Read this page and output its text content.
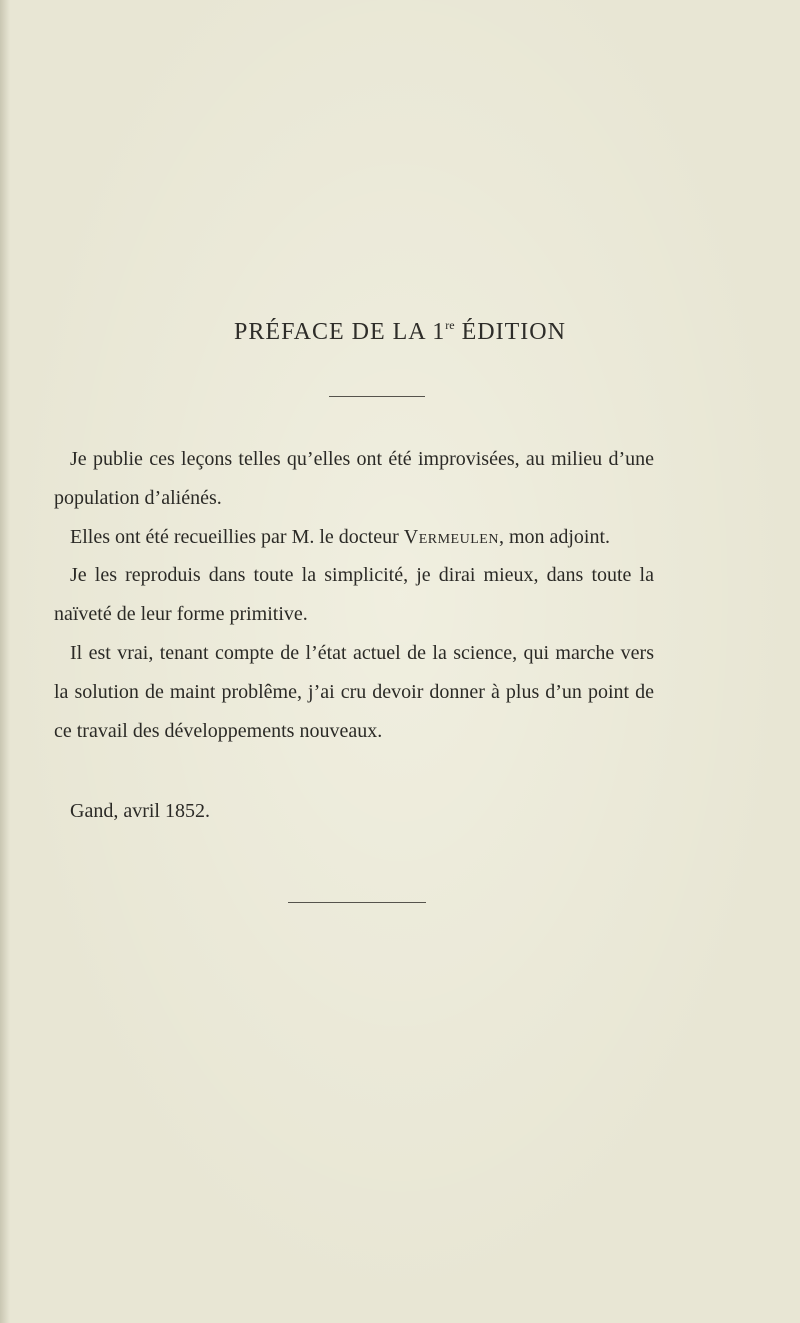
PRÉFACE DE LA 1re ÉDITION

Je publie ces leçons telles qu’elles ont été improvisées, au milieu d’une population d’aliénés.

Elles ont été recueillies par M. le docteur Vermeulen, mon adjoint.

Je les reproduis dans toute la simplicité, je dirai mieux, dans toute la naïveté de leur forme primitive.

Il est vrai, tenant compte de l’état actuel de la science, qui marche vers la solution de maint problême, j’ai cru devoir donner à plus d’un point de ce travail des développements nouveaux.

Gand, avril 1852.
